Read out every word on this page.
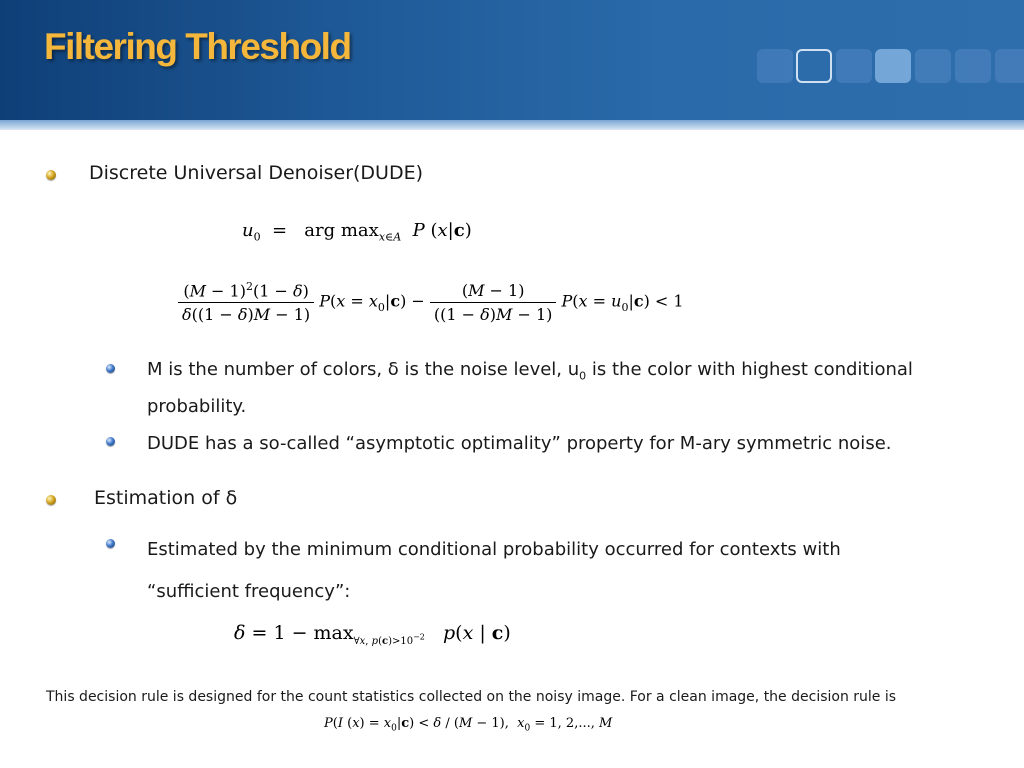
Filtering Threshold
Discrete Universal Denoiser(DUDE)
$u_0$  =   arg $\max_{x\in A} P$ (x|c)
$\frac{(M - 1)^2(1 - \delta)}{\delta((1 - \delta)M - 1)} P(x = x_0|c) - \frac{(M - 1)}{((1 - \delta)M - 1)} P(x = u_0|c) < 1$
M is the number of colors, δ is the noise level, $u_0$ is the color with highest conditional probability.
DUDE has a so-called “asymptotic optimality” property for M-ary symmetric noise.
Estimation of δ
Estimated by the minimum conditional probability occurred for contexts with “sufficient frequency”:
$\delta = 1 - \max_{\forall x, p(c)>10^{-2}} p(x$ | c)
This decision rule is designed for the count statistics collected on the noisy image. For a clean image, the decision rule is
P(I $(x) = x_0|c) < \delta / (M - 1)$,  $x_0 = 1$, 2,..., M
